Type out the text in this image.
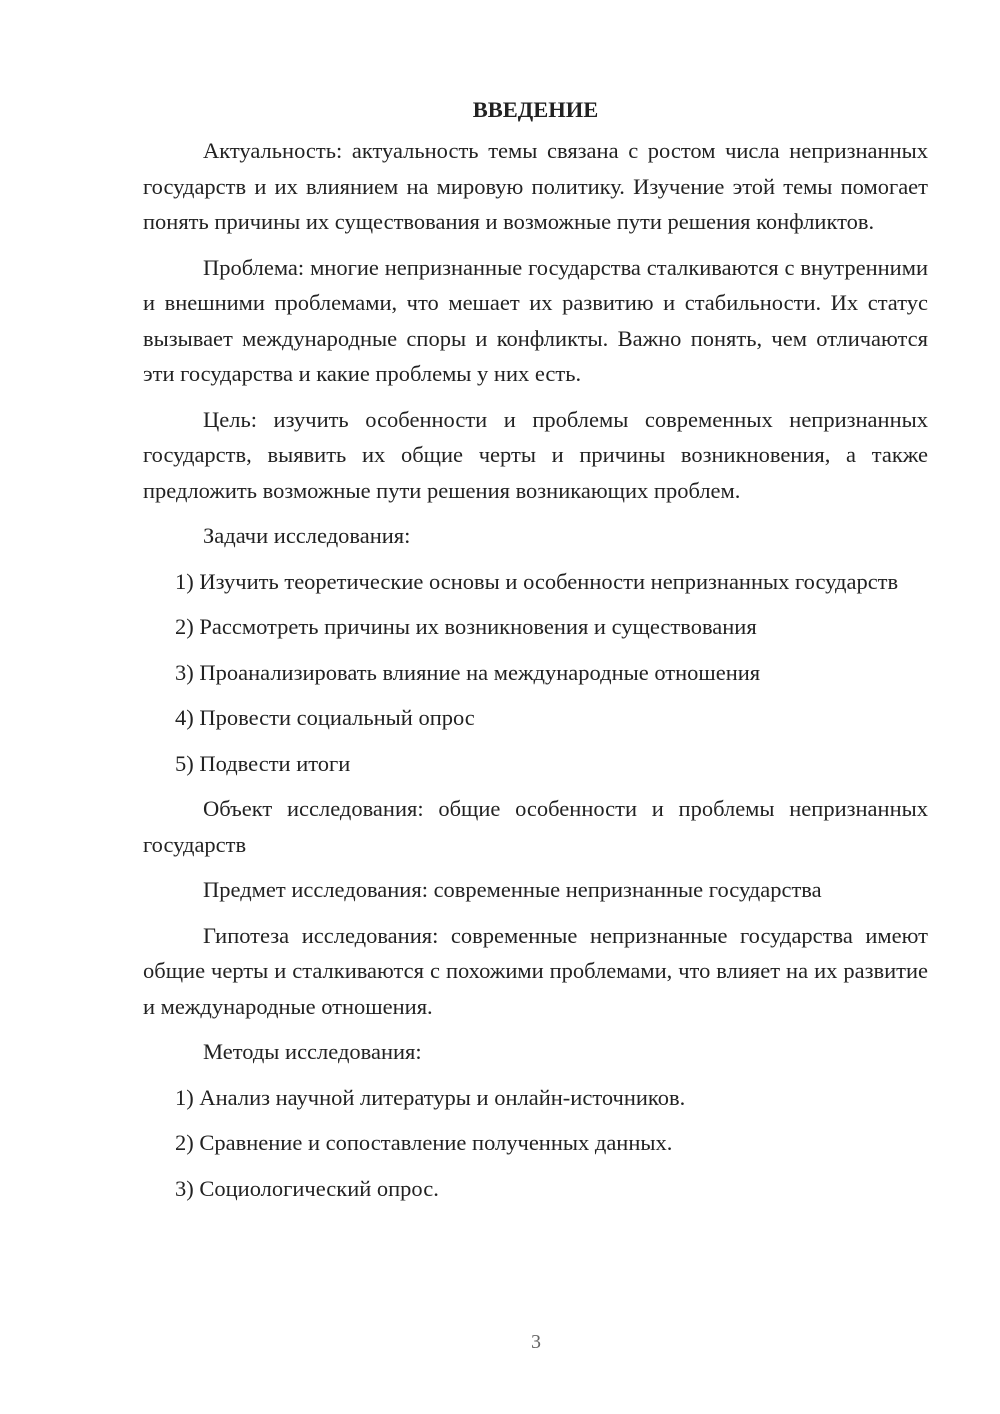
ВВЕДЕНИЕ

Актуальность: актуальность темы связана с ростом числа непризнанных государств и их влиянием на мировую политику. Изучение этой темы помогает понять причины их существования и возможные пути решения конфликтов.

Проблема: многие непризнанные государства сталкиваются с внутренними и внешними проблемами, что мешает их развитию и стабильности. Их статус вызывает международные споры и конфликты. Важно понять, чем отличаются эти государства и какие проблемы у них есть.

Цель: изучить особенности и проблемы современных непризнанных государств, выявить их общие черты и причины возникновения, а также предложить возможные пути решения возникающих проблем.

Задачи исследования:

1) Изучить теоретические основы и особенности непризнанных государств

2) Рассмотреть причины их возникновения и существования

3) Проанализировать влияние на международные отношения

4) Провести социальный опрос

5) Подвести итоги

Объект исследования: общие особенности и проблемы непризнанных государств

Предмет исследования: современные непризнанные государства

Гипотеза исследования: современные непризнанные государства имеют общие черты и сталкиваются с похожими проблемами, что влияет на их развитие и международные отношения.

Методы исследования:

1) Анализ научной литературы и онлайн-источников.

2) Сравнение и сопоставление полученных данных.

3) Социологический опрос.

3
